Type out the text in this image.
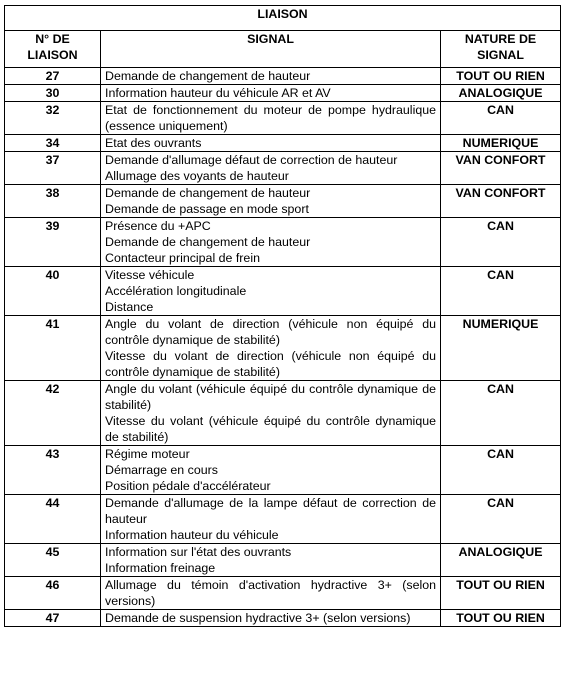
LIAISON		
N° DE
LIAISON	SIGNAL	NATURE DE
SIGNAL
27	Demande de changement de hauteur	TOUT OU RIEN
30	Information hauteur du véhicule AR et AV	ANALOGIQUE
32	Etat de fonctionnement du moteur de pompe hydraulique (essence uniquement)	CAN
34	Etat des ouvrants	NUMERIQUE
37	Demande d'allumage défaut de correction de hauteur
Allumage des voyants de hauteur	VAN CONFORT
38	Demande de changement de hauteur
Demande de passage en mode sport	VAN CONFORT
39	Présence du +APC
Demande de changement de hauteur
Contacteur principal de frein	CAN
40	Vitesse véhicule
Accélération longitudinale
Distance	CAN
41	Angle du volant de direction (véhicule non équipé du contrôle dynamique de stabilité)
Vitesse du volant de direction (véhicule non équipé du contrôle dynamique de stabilité)	NUMERIQUE
42	Angle du volant (véhicule équipé du contrôle dynamique de stabilité)
Vitesse du volant (véhicule équipé du contrôle dynamique de stabilité)	CAN
43	Régime moteur
Démarrage en cours
Position pédale d'accélérateur	CAN
44	Demande d'allumage de la lampe défaut de correction de hauteur
Information hauteur du véhicule	CAN
45	Information sur l'état des ouvrants
Information freinage	ANALOGIQUE
46	Allumage du témoin d'activation hydractive 3+ (selon versions)	TOUT OU RIEN
47	Demande de suspension hydractive 3+ (selon versions)	TOUT OU RIEN
